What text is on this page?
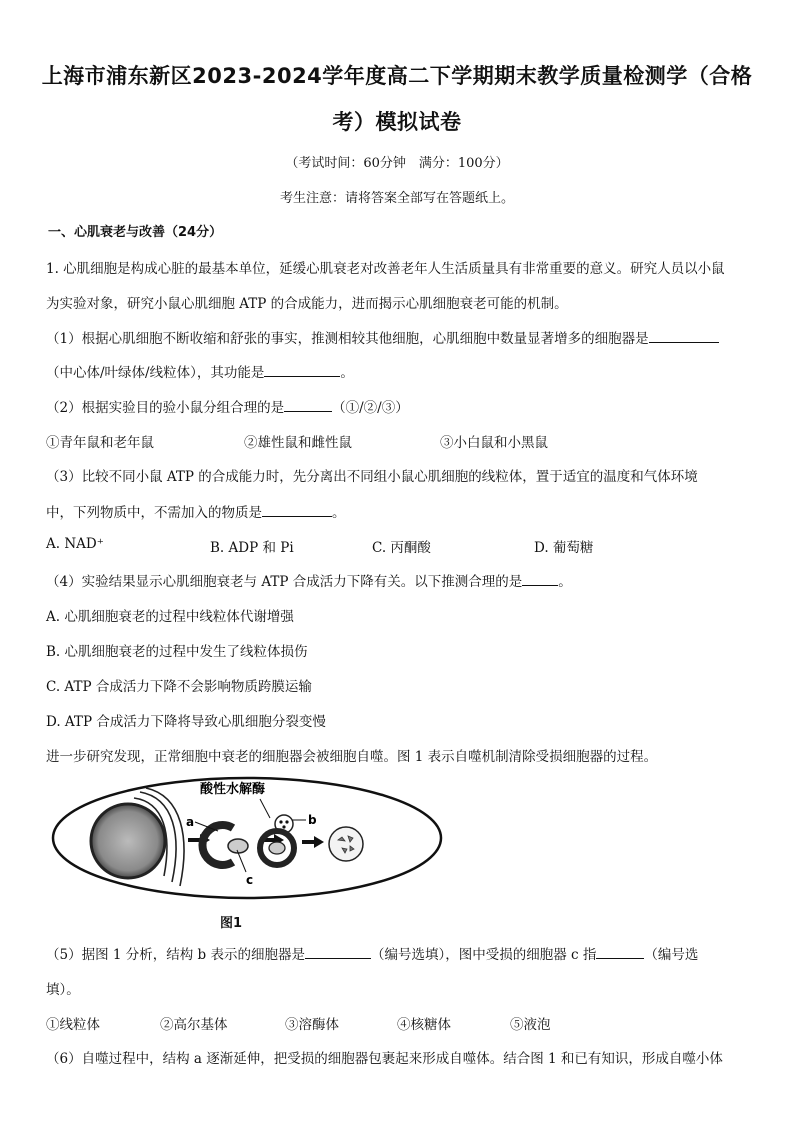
上海市浦东新区2023-2024学年度高二下学期期末教学质量检测学（合格
考）模拟试卷
（考试时间：60分钟　满分：100分）
考生注意：请将答案全部写在答题纸上。
一、心肌衰老与改善（24分）
1. 心肌细胞是构成心脏的最基本单位，延缓心肌衰老对改善老年人生活质量具有非常重要的意义。研究人员以小鼠
为实验对象，研究小鼠心肌细胞 ATP 的合成能力，进而揭示心肌细胞衰老可能的机制。
（1）根据心肌细胞不断收缩和舒张的事实，推测相较其他细胞，心肌细胞中数量显著增多的细胞器是
（中心体/叶绿体/线粒体），其功能是	。
（2）根据实验目的验小鼠分组合理的是	（①/②/③）
①青年鼠和老年鼠	②雄性鼠和雌性鼠	③小白鼠和小黑鼠
（3）比较不同小鼠 ATP 的合成能力时，先分离出不同组小鼠心肌细胞的线粒体，置于适宜的温度和气体环境
中，下列物质中，不需加入的物质是	。
A. NAD⁺	B. ADP 和 Pi	C. 丙酮酸	D. 葡萄糖
（4）实验结果显示心肌细胞衰老与 ATP 合成活力下降有关。以下推测合理的是	。
A. 心肌细胞衰老的过程中线粒体代谢增强
B. 心肌细胞衰老的过程中发生了线粒体损伤
C. ATP 合成活力下降不会影响物质跨膜运输
D. ATP 合成活力下降将导致心肌细胞分裂变慢
进一步研究发现，正常细胞中衰老的细胞器会被细胞自噬。图 1 表示自噬机制清除受损细胞器的过程。
a
c
酸性水解酶
b
图1
（5）据图 1 分析，结构 b 表示的细胞器是	（编号选填），图中受损的细胞器 c 指	（编号选
填）。
①线粒体	②高尔基体	③溶酶体	④核糖体	⑤液泡
（6）自噬过程中，结构 a 逐渐延伸，把受损的细胞器包裹起来形成自噬体。结合图 1 和已有知识，形成自噬小体
